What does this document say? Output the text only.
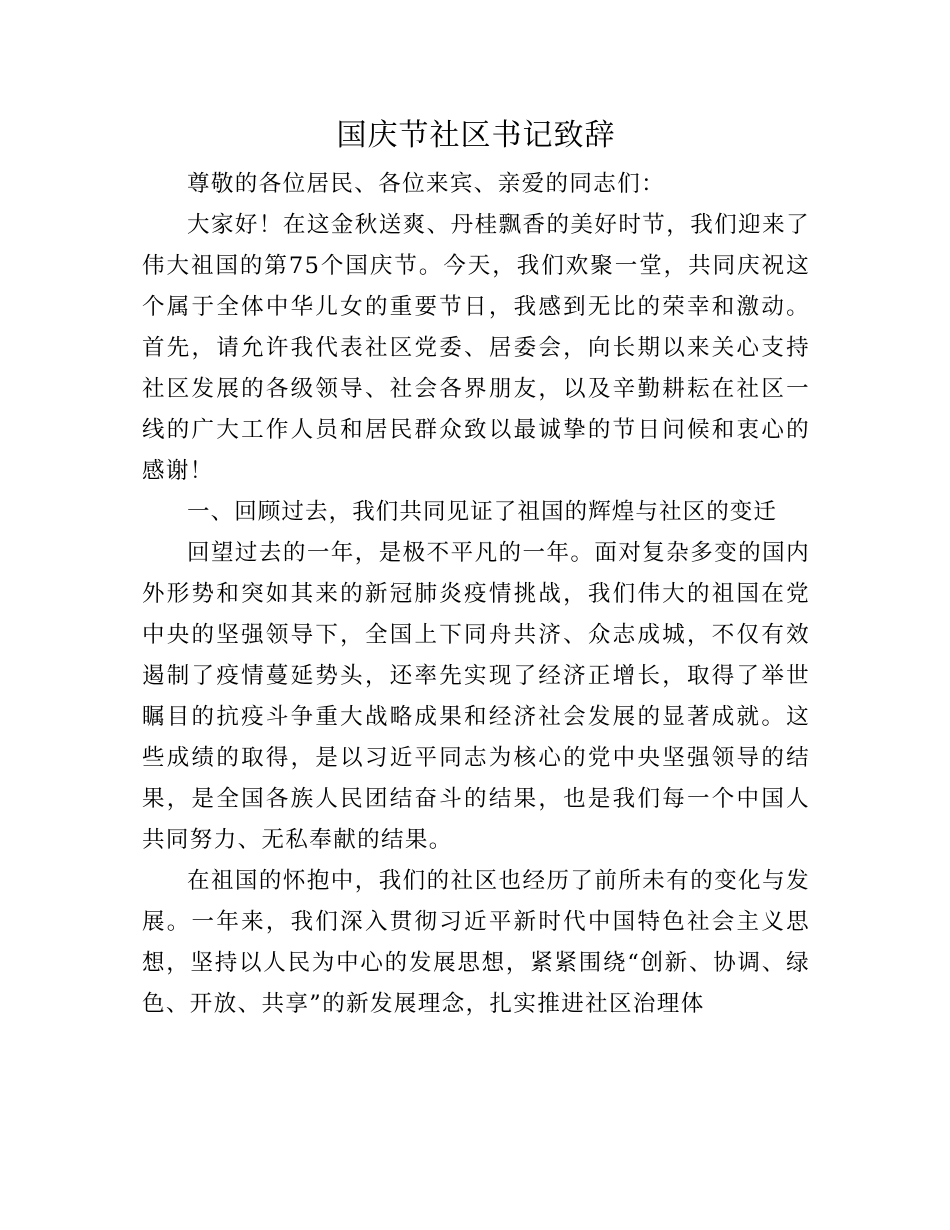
国庆节社区书记致辞

尊敬的各位居民、各位来宾、亲爱的同志们：

大家好！在这金秋送爽、丹桂飘香的美好时节，我们迎来了伟大祖国的第75个国庆节。今天，我们欢聚一堂，共同庆祝这个属于全体中华儿女的重要节日，我感到无比的荣幸和激动。首先，请允许我代表社区党委、居委会，向长期以来关心支持社区发展的各级领导、社会各界朋友，以及辛勤耕耘在社区一线的广大工作人员和居民群众致以最诚挚的节日问候和衷心的感谢！

一、回顾过去，我们共同见证了祖国的辉煌与社区的变迁

回望过去的一年，是极不平凡的一年。面对复杂多变的国内外形势和突如其来的新冠肺炎疫情挑战，我们伟大的祖国在党中央的坚强领导下，全国上下同舟共济、众志成城，不仅有效遏制了疫情蔓延势头，还率先实现了经济正增长，取得了举世瞩目的抗疫斗争重大战略成果和经济社会发展的显著成就。这些成绩的取得，是以习近平同志为核心的党中央坚强领导的结果，是全国各族人民团结奋斗的结果，也是我们每一个中国人共同努力、无私奉献的结果。

在祖国的怀抱中，我们的社区也经历了前所未有的变化与发展。一年来，我们深入贯彻习近平新时代中国特色社会主义思想，坚持以人民为中心的发展思想，紧紧围绕“创新、协调、绿色、开放、共享”的新发展理念，扎实推进社区治理体
